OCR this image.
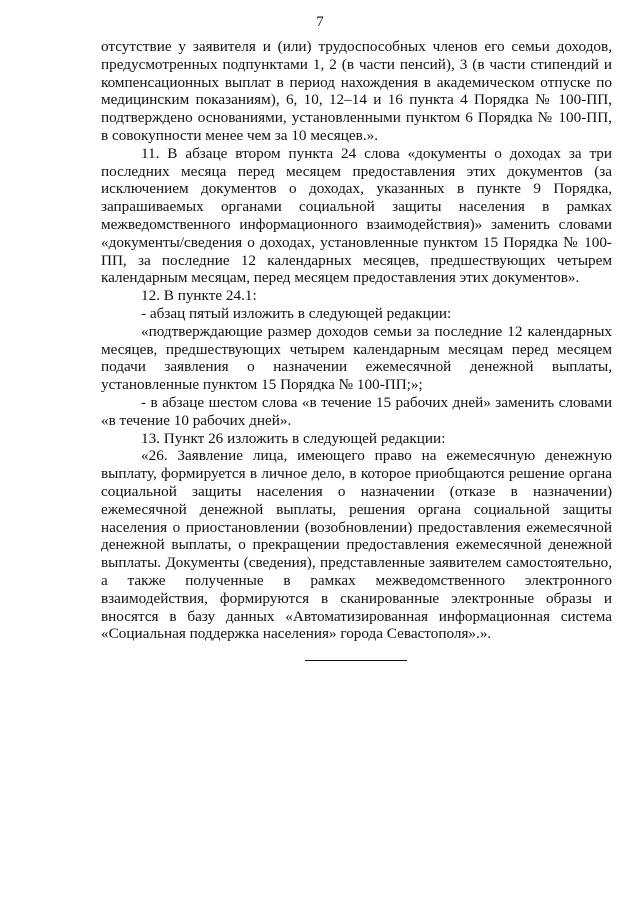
7

отсутствие у заявителя и (или) трудоспособных членов его семьи доходов, предусмотренных подпунктами 1, 2 (в части пенсий), 3 (в части стипендий и компенсационных выплат в период нахождения в академическом отпуске по медицинским показаниям), 6, 10, 12–14 и 16 пункта 4 Порядка № 100-ПП, подтверждено основаниями, установленными пунктом 6 Порядка № 100-ПП, в совокупности менее чем за 10 месяцев.».

11. В абзаце втором пункта 24 слова «документы о доходах за три последних месяца перед месяцем предоставления этих документов (за исключением документов о доходах, указанных в пункте 9 Порядка, запрашиваемых органами социальной защиты населения в рамках межведомственного информационного взаимодействия)» заменить словами «документы/сведения о доходах, установленные пунктом 15 Порядка № 100-ПП, за последние 12 календарных месяцев, предшествующих четырем календарным месяцам, перед месяцем предоставления этих документов».

12. В пункте 24.1:

- абзац пятый изложить в следующей редакции:

«подтверждающие размер доходов семьи за последние 12 календарных месяцев, предшествующих четырем календарным месяцам перед месяцем подачи заявления о назначении ежемесячной денежной выплаты, установленные пунктом 15 Порядка № 100-ПП;»;

- в абзаце шестом слова «в течение 15 рабочих дней» заменить словами «в течение 10 рабочих дней».

13. Пункт 26 изложить в следующей редакции:

«26. Заявление лица, имеющего право на ежемесячную денежную выплату, формируется в личное дело, в которое приобщаются решение органа социальной защиты населения о назначении (отказе в назначении) ежемесячной денежной выплаты, решения органа социальной защиты населения о приостановлении (возобновлении) предоставления ежемесячной денежной выплаты, о прекращении предоставления ежемесячной денежной выплаты. Документы (сведения), представленные заявителем самостоятельно, а также полученные в рамках межведомственного электронного взаимодействия, формируются в сканированные электронные образы и вносятся в базу данных «Автоматизированная информационная система «Социальная поддержка населения» города Севастополя».».
